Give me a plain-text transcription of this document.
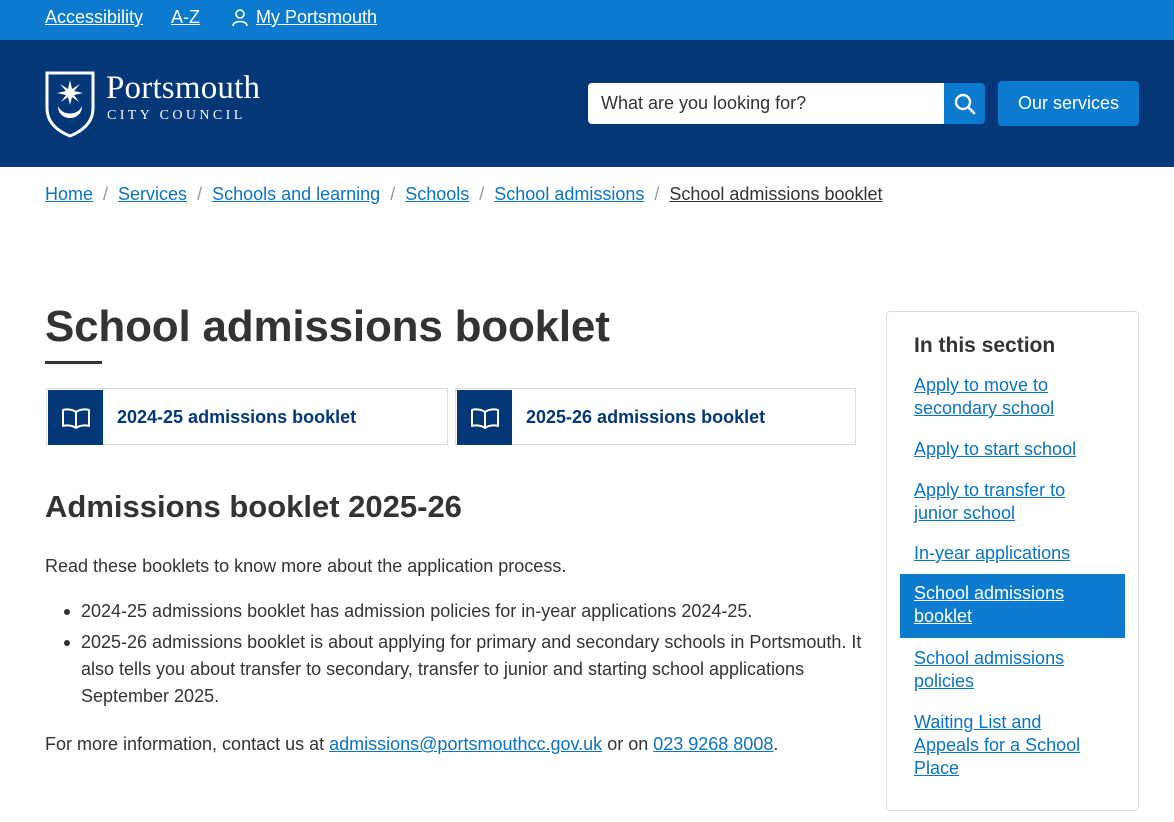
Accessibility A-Z	My Portsmouth
Portsmouth
CITY COUNCIL
What are you looking for?
Our services
Home / Services / Schools and learning / Schools / School admissions / School admissions booklet
School admissions booklet
2024-25 admissions booklet	2025-26 admissions booklet
Admissions booklet 2025-26

Read these booklets to know more about the application process.

2024-25 admissions booklet has admission policies for in-year applications 2024-25.
2025-26 admissions booklet is about applying for primary and secondary schools in Portsmouth. It also tells you about transfer to secondary, transfer to junior and starting school applications September 2025.

For more information, contact us at admissions@portsmouthcc.gov.uk or on 023 9268 8008.

In this section
Apply to move to secondary school
Apply to start school
Apply to transfer to junior school
In-year applications
School admissions booklet
School admissions policies
Waiting List and Appeals for a School Place
